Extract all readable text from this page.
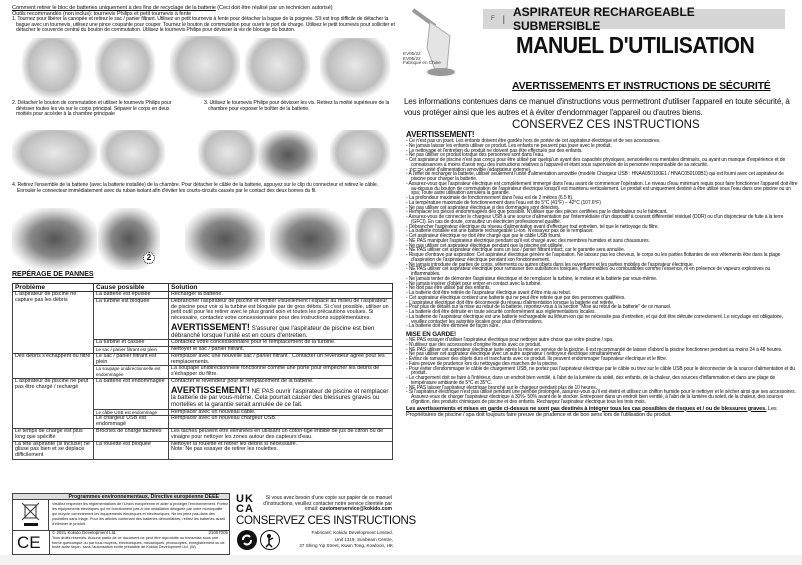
Comment retirer le bloc de batteries uniquement à des fins de recyclage de la batterie (Ceci doit être réalisé par un technicien autorisé)
Outils recommandés (non inclus): tournevis Philips et petit tournevis à fente
1. Tournez pour libérer la canopée et retirez le sac / panier filtrant. Utilisez un petit tournevis à fente pour détacher la bague de la poignée. S'il est trop difficile de détacher la bague avec un tournevis, utilisez une pince coupante pour couper. Tournez le bouton de commutation pour ouvrir le port de charge. Utilisez le petit tournevis pour solliciter et détacher le couvercle central du bouton de commutation. Utilisez le tournevis Philips pour dévisser la vis de blocage du bouton.
2. Détacher le bouton de commutation et utiliser le tournevis Philips pour dévisser toutes les vis sur le corps principal. Séparer le corps en deux moitiés pour accéder à la chambre principale
3. Utilisez le tournevis Philips pour dévisser les vis. Retirez la moitié supérieure de la chambre pour exposer le boîtier de la batterie.
4. Retirez l'ensemble de la batterie (avec la batterie installée) de la chambre. Pour détacher le câble de la batterie, appuyez sur le clip du connecteur et retirez le câble. Enrouler le connecteur immédiatement avec du ruban isolant afin d'éviter les courts-circuits causés par le contact des deux bornes du fil.
2
REPÉRAGE DE PANNES
Problème	Cause possible	Solution
L'aspirateur de piscine ne capture pas les débris	La batterie est épuisée	Recharger la batterie.
	La turbine est bloquée	Débrancher l'aspirateur de piscine et vérifier visuellement l'espace au milieu de l'aspirateur de piscine pour voir si la turbine est bloquée par de gros débris. Si c'est possible, utiliser un petit outil pour les retirer avec le plus grand soin et toutes les précautions voulues. Si nécessaire, contactez votre concessionnaire pour des instructions supplémentaires.
AVERTISSEMENT! S'assurer que l'aspirateur de piscine est bien débranché lorsque l'unité est en cours d'entretien.

	La turbine et cassée	Contactez votre concessionnaire pour le remplacement de la turbine.
	Le sac / panier filtrant est plein	Nettoyer le sac / panier filtrant.
Des débris s'échappent du filtre	Le sac / panier filtrant est plein	Remplacer avec une nouvelle sac / panier filtrant . Contacter un revendeur agréé pour les remplacements.
	La soupape unidirectionnelle est endommagée	La soupape unidirectionnelle fonctionne comme une porte pour empêcher les débris de s'échapper du filtre.
L'aspirateur de piscine ne peut pas être chargé / rechargé	La batterie est endommagée	Contacter le revendeur pour le remplacement de la batterie.
AVERTISSEMENT! NE PAS ouvrir l'aspirateur de piscine et remplacer la batterie de par vous-même. Cela pourrait causer des blessures graves ou mortelles et la garantie serait annulée de ce fait.

	Le câble USB est endommagé	Remplacer avec un nouveau câble.
	Le chargeur USB est endommagé	Remplacer avec un nouveau chargeur USB.
Le temps de charge est plus long que spécifié	Broches de charge tachées	Les taches peuvent être éliminées en utilisant un coton-tige imbibé de jus de citron ou de vinaigre pour nettoyer les zones autour des capteurs d'eau.
La tête aspirante (si incluse) ne glisse pas bien et se déplace difficilement	La roulette est bloquée	Nettoyer la roulette et retirer les débris si nécessaire.
Note: Ne pas essayer de retirer les roulettes.
Programmes environnementaux, Directive européenne DEEE
Veuillez respecter les réglementations de l'Union européenne et aider à protéger l'environnement. Portez les équipements électriques qui ne fonctionnent pas à une installation désignée par votre municipalité qui recycle correctement les équipements électriques et électroniques. Ne les jetez pas dans des poubelles sans triage. Pour les articles contenant des batteries démontables, retirez les batteries avant d'éliminer le produit.
CE
© 2021 Kokido Development Ltd.	21007005
Tous droits réservés. Aucune partie de ce document ne peut être reproduite ou transmise sous une forme quelconque ou par tous moyens, électroniques, mécaniques, photocopies, enregistrement ou de toute autre façon, sans l'autorisation écrite préalable de Kokido Development Ltd. (W)
UK CA
Si vous avez besoin d'une copie sur papier de ce manuel d'instructions, veuillez contacter notre service clientèle par email: customerservice@kokido.com
CONSERVEZ CES INSTRUCTIONS
Fabricant: Kokido Development Limited.
Unit 1319, Sunbeam Centre,
27 Shing Yip Street, Kwun Tong, Kowloon, HK
EV05/22
EV06/22
Fabriqué en Chine
F | ASPIRATEUR RECHARGEABLE SUBMERSIBLE
MANUEL D'UTILISATION
AVERTISSEMENTS ET INSTRUCTIONS DE SÉCURITÉ
Les informations contenues dans ce manuel d'instructions vous permettront d'utiliser l'appareil en toute sécurité, à vous protéger ainsi que les autres et à éviter d'endommager l'appareil ou d'autres biens.
CONSERVEZ CES INSTRUCTIONS
AVERTISSEMENT!
- Ce n'est pas un jouet. Les enfants doivent être gardés hors de portée de cet aspirateur électrique et de ses accessoires.
- Ne jamais laisser les enfants utiliser ce produit. Les enfants ne peuvent pas jouer avec le produit.
- Le nettoyage et l'entretien du produit ne doivent pas être effectués par des enfants.
- Ne pas utiliser ce produit lorsque des personnes sont dans l'eau.
- Cet aspirateur de piscine n'est pas conçu pour être utilisé par quelqu'un ayant des capacités physiques, sensorielles ou mentales diminués, ou ayant un manque d'expérience et de connaissances à moins d'avoir reçu des instructions relatives à l'appareil et étant sous supervision de la personne responsable de sa sécurité.
- ⊅⊏⊐< unité d'alimentation amovible (adaptateur externe).
- A l'effet de recharger la batterie, utiliser seulement l'unité d'alimentation amovible (modèle Chargeur USB : HNAA050100E1 / HNAC050100B1) qui est fourni avec cet aspirateur de piscine pour charger la batterie.
- Assurez-vous que l'aspirateur électrique est complètement immergé dans l'eau avant de commencer l'opération. Le niveau d'eau minimum requis pour faire fonctionner l'appareil doit être au-dessus du bouton de commutation de l'aspirateur électrique lorsqu'il est maintenu verticalement. Le produit est uniquement destiné à être utilisé sous l'eau dans une piscine ou un spa; Toute autre utilisation annulera la garantie.
- La profondeur maximale de fonctionnement dans l'eau est de 2 mètres (6.5 ft).
- La température maximale de fonctionnement dans l'eau est de 5°C (41°F) – 42°C (107.6°F)
- Ne pas utiliser cet aspirateur électrique si des dommages sont détectés.
- Remplacer les pièces endommagées dès que possible. N'utiliser que des pièces certifiées par le distributeur ou le fabricant.
- Assurez-vous de connecter le chargeur USB à une source d'alimentation par l'intermédiaire d'un dispositif à courant différentiel résiduel (DDR) ou d'un disjoncteur de fuite à la terre (GFCI). En cas de doute, consultez un électricien professionnel qualifié.
- Débrancher l'aspirateur électrique du réseau d'alimentation avant d'effectuer tout entretien, tel que le nettoyage du filtre.
- La batterie installée est une batterie rechargeable Li-ion. N'essayez pas de le remplacer.
- Cet aspirateur électrique ne doit être chargé que par le câble USB fourni.
- NE PAS manipuler l'aspirateur électrique pendant qu'il est chargé avec des membres humides et sans chaussures.
- Ne pas utiliser cet aspirateur électrique pendant que la piscine est utilisée.
- NE PAS utiliser cet aspirateur électrique sans un sac / panier filtrant intact, car le garantie sera annulée.
- Risque d'entrave par aspiration: Cet aspirateur électrique génère de l'aspiration. Ne laissez pas les cheveux, le corps ou les parties flottantes de vos vêtements être dans la plage d'aspiration de l'aspirateur électrique pendant son fonctionnement.
- Ne jamais introduire de parties de corps, vêtements ou autres objets dans les ouvertures et les parties mobiles de l'aspirateur électrique.
- NE PAS utiliser cet aspirateur électrique pour ramasser des substances toxiques, inflammables ou combustibles comme l'essence, ni en présence de vapeurs explosives ou inflammables.
- Ne jamais tenter de démonter l'aspirateur électrique et de remplacer la turbine, le moteur et la batterie par vous-même.
- Ne jamais insérer d'objet pour entrer en contact avec la turbine.
- Ne doit pas être utilisé par des enfants.
- La batterie doit être retirée de l'aspirateur électrique avant d'être mis au rebut.
- Cet aspirateur électrique contient une batterie qui ne peut être retirée que par des personnes qualifiées.
- L'aspirateur électrique doit être déconnecté du réseau d'alimentation lorsque la batterie est retirée.
- Pour plus de détails sur la mise au rebut de la batterie, reportez-vous à la section "Mise au rebut de la batterie" de ce manuel.
- La batterie doit être détruite en toute sécurité conformément aux réglementations locales.
- La batterie de l'aspirateur électrique est une batterie rechargeable au lithium-ion qui ne nécessite pas d'entretien, et qui doit être détruite correctement. Le recyclage est obligatoire, veuillez contacter les autorités locales pour plus d'informations.
- La batterie doit être éliminée de façon sûre.
MISE EN GARDE!
- NE PAS essayer d'utiliser l'aspirateur électrique pour nettoyer autre chose que votre piscine / spa.
- N'utilisez que des accessoires d'origine fournis avec ce produit.
- NE PAS utiliser cet aspirateur électrique juste après la mise en service de la piscine. Il est recommandé de laisser d'abord la piscine fonctionner pendant au moins 24 à 48 heures.
- Ne pas utiliser cet aspirateur électrique avec un autre aspirateur / nettoyeur électrique simultanément.
- Évitez de ramasser des objets durs et tranchants avec ce produit. Ils peuvent endommager l'aspirateur électrique et le filtre.
- Faire preuve de prudence lors du nettoyage des marches de la piscine.
- Pour éviter d'endommager le câble de chargement USB, ne portez pas l'aspirateur électrique par le câble ou tirez sur le câble USB pour le déconnecter de la source d'alimentation et du produit.
- Le chargement doit se faire à l'intérieur, dans un endroit bien ventilé, à l'abri de la lumière du soleil, des enfants, de la chaleur, des sources d'inflammation et dans une plage de température ambiante de 5°C et 35°C.
- NE PAS laisser l'aspirateur électrique branché sur le chargeur pendant plus de 10 heures.
- Si l'aspirateur électrique n'est pas utilisé pendant une période prolongée, assurez-vous qu'il est éteint et utilisez un chiffon humide pour le nettoyer et le sécher ainsi que ses accessoires. Assurez-vous de charger l'aspirateur électrique à 30%- 50% avant de le stocker. Entreposer dans un endroit bien ventilé, à l'abri de la lumière du soleil, de la chaleur, des sources d'ignition, des produits chimiques de piscine et des enfants. Rechargez l'aspirateur électrique tous les trois mois.
Les avertissements et mises en garde ci-dessus ne sont pas destinés à intégrer tous les cas possibles de risques et / ou de blessures graves. Les Propriétaires de piscine / spa doit toujours faire preuve de prudence et de bon sens lors de l'utilisation du produit.
